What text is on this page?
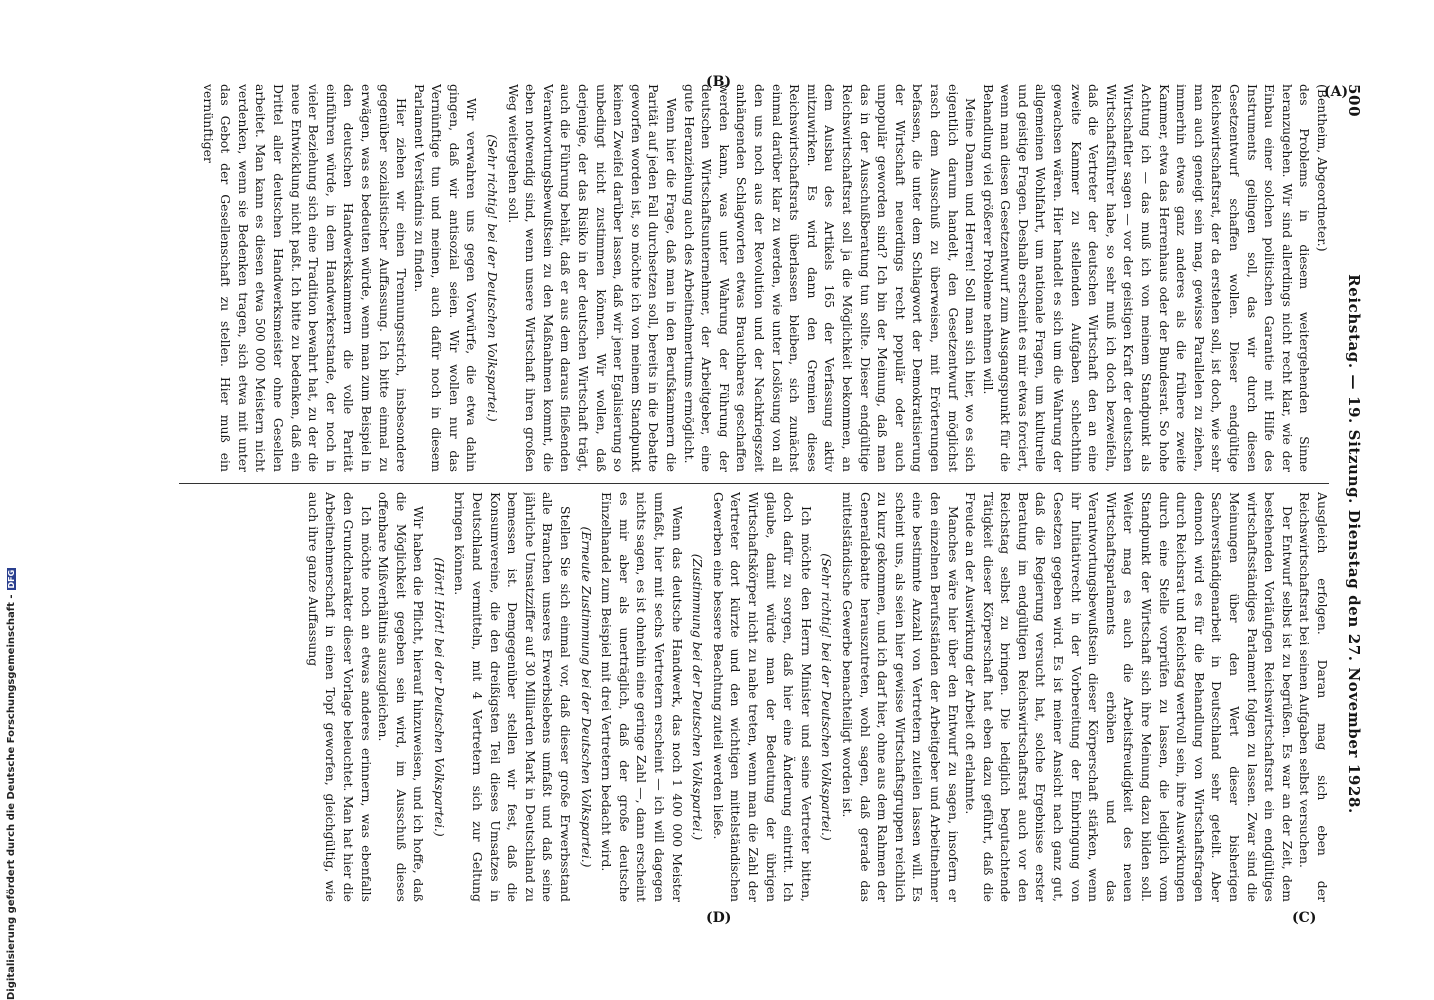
500
Reichstag. — 19. Sitzung. Dienstag den 27. November 1928.

(Bentheim, Abgeordneter.)

des Problems in diesem weitergehenden Sinne heranzugehen. Wir sind allerdings nicht recht klar, wie der Einbau einer solchen politischen Garantie mit Hilfe des Instruments gelingen soll, das wir durch diesen Gesetzentwurf schaffen wollen. Dieser endgültige Reichswirtschaftsrat, der da erstehen soll, ist doch, wie sehr man auch geneigt sein mag, gewisse Parallelen zu ziehen, immerhin etwas ganz anderes als die frühere zweite Kammer, etwa das Herrenhaus oder der Bundesrat. So hohe Achtung ich — das muß ich von meinem Standpunkt als Wirtschaftler sagen — vor der geistigen Kraft der deutschen Wirtschaftsführer habe, so sehr muß ich doch bezweifeln, daß die Vertreter der deutschen Wirtschaft den an eine zweite Kammer zu stellenden Aufgaben schlechthin gewachsen wären. Hier handelt es sich um die Wahrung der allgemeinen Wohlfahrt, um nationale Fragen, um kulturelle und geistige Fragen. Deshalb erscheint es mir etwas forciert, wenn man diesen Gesetzentwurf zum Ausgangspunkt für die Behandlung viel größerer Probleme nehmen will.

Meine Damen und Herren! Soll man sich hier, wo es sich eigentlich darum handelt, den Gesetzentwurf möglichst rasch dem Ausschuß zu überweisen, mit Erörterungen befassen, die unter dem Schlagwort der Demokratisierung der Wirtschaft neuerdings recht populär oder auch unpopulär geworden sind? Ich bin der Meinung, daß man das in der Ausschußberatung tun sollte. Dieser endgültige Reichswirtschaftsrat soll ja die Möglichkeit bekommen, an dem Ausbau des Artikels 165 der Verfassung aktiv mitzuwirken. Es wird dann den Gremien dieses Reichswirtschaftsrats überlassen bleiben, sich zunächst einmal darüber klar zu werden, wie unter Loslösung von all den uns noch aus der Revolution und der Nachkriegszeit anhängenden Schlagworten etwas Brauchbares geschaffen werden kann, was unter Wahrung der Führung der deutschen Wirtschaftsunternehmer, der Arbeitgeber, eine gute Heranziehung auch des Arbeitnehmertums ermöglicht.

Wenn hier die Frage, daß man in den Berufskammern die Parität auf jeden Fall durchsetzen soll, bereits in die Debatte geworfen worden ist, so möchte ich von meinem Standpunkt keinen Zweifel darüber lassen, daß wir jener Egalisierung so unbedingt nicht zustimmen können. Wir wollen, daß derjenige, der das Risiko in der deutschen Wirtschaft trägt, auch die Führung behält, daß er aus dem daraus fließenden Verantwortungsbewußtsein zu den Maßnahmen kommt, die eben notwendig sind, wenn unsere Wirtschaft ihren großen Weg weitergehen soll.

(Sehr richtig! bei der Deutschen Volkspartei.)

Wir verwahren uns gegen Vorwürfe, die etwa dahin gingen, daß wir antisozial seien. Wir wollen nur das Vernünftige tun und meinen, auch dafür noch in diesem Parlament Verständnis zu finden.

Hier ziehen wir einen Trennungsstrich, insbesondere gegenüber sozialistischer Auffassung. Ich bitte einmal zu erwägen, was es bedeuten würde, wenn man zum Beispiel in den deutschen Handwerkskammern die volle Parität einführen würde, in dem Handwerkerstande, der noch in vieler Beziehung sich eine Tradition bewahrt hat, zu der die neue Entwicklung nicht paßt. Ich bitte zu bedenken, daß ein Drittel aller deutschen Handwerksmeister ohne Gesellen arbeitet. Man kann es diesen etwa 500 000 Meistern nicht verdenken, wenn sie Bedenken tragen, sich etwa mit unter das Gebot der Gesellenschaft zu stellen. Hier muß ein vernünftiger

Ausgleich erfolgen. Daran mag sich eben der Reichswirtschaftsrat bei seinen Aufgaben selbst versuchen.

Der Entwurf selbst ist zu begrüßen. Es war an der Zeit, dem bestehenden Vorläufigen Reichswirtschaftsrat ein endgültiges wirtschaftsständiges Parlament folgen zu lassen. Zwar sind die Meinungen über den Wert dieser bisherigen Sachverständigenarbeit in Deutschland sehr geteilt. Aber dennoch wird es für die Behandlung von Wirtschaftsfragen durch Reichsrat und Reichstag wertvoll sein, ihre Auswirkungen durch eine Stelle vorprüfen zu lassen, die lediglich vom Standpunkt der Wirtschaft sich ihre Meinung dazu bilden soll. Weiter mag es auch die Arbeitsfreudigkeit des neuen Wirtschaftsparlaments erhöhen und das Verantwortungsbewußtsein dieser Körperschaft stärken, wenn ihr Initiativrecht in der Vorbereitung der Einbringung von Gesetzen gegeben wird. Es ist meiner Ansicht nach ganz gut, daß die Regierung versucht hat, solche Ergebnisse erster Beratung im endgültigen Reichswirtschaftsrat auch vor den Reichstag selbst zu bringen. Die lediglich begutachtende Tätigkeit dieser Körperschaft hat eben dazu geführt, daß die Freude an der Auswirkung der Arbeit oft erlahmte.

Manches wäre hier über den Entwurf zu sagen, insofern er den einzelnen Berufsständen der Arbeitgeber und Arbeitnehmer eine bestimmte Anzahl von Vertretern zuteilen lassen will. Es scheint uns, als seien hier gewisse Wirtschaftsgruppen reichlich zu kurz gekommen, und ich darf hier, ohne aus dem Rahmen der Generaldebatte herauszutreten, wohl sagen, daß gerade das mittelständische Gewerbe benachteiligt worden ist.

(Sehr richtig! bei der Deutschen Volkspartei.)

Ich möchte den Herrn Minister und seine Vertreter bitten, doch dafür zu sorgen, daß hier eine Änderung eintritt. Ich glaube, damit würde man der Bedeutung der übrigen Wirtschaftskörper nicht zu nahe treten, wenn man die Zahl der Vertreter dort kürzte und den wichtigen mittelständischen Gewerben eine bessere Beachtung zuteil werden ließe.

(Zustimmung bei der Deutschen Volkspartei.)

Wenn das deutsche Handwerk, das noch 1 400 000 Meister umfaßt, hier mit sechs Vertretern erscheint — ich will dagegen nichts sagen, es ist ohnehin eine geringe Zahl —, dann erscheint es mir aber als unerträglich, daß der große deutsche Einzelhandel zum Beispiel mit drei Vertretern bedacht wird.

(Erneute Zustimmung bei der Deutschen Volkspartei.)

Stellen Sie sich einmal vor, daß dieser große Erwerbsstand alle Branchen unseres Erwerbslebens umfaßt und daß seine jährliche Umsatzziffer auf 30 Milliarden Mark in Deutschland zu bemessen ist. Demgegenüber stellen wir fest, daß die Konsumvereine, die den dreißigsten Teil dieses Umsatzes in Deutschland vermitteln, mit 4 Vertretern sich zur Geltung bringen können.

(Hört! Hört! bei der Deutschen Volkspartei.)

Wir haben die Pflicht, hierauf hinzuweisen, und ich hoffe, daß die Möglichkeit gegeben sein wird, im Ausschuß dieses offenbare Mißverhältnis auszugleichen.

Ich möchte noch an etwas anderes erinnern, was ebenfalls den Grundcharakter dieser Vorlage beleuchtet. Man hat hier die Arbeitnehmerschaft in einen Topf geworfen, gleichgültig, wie auch ihre ganze Auffassung

(A)
(B)
(C)
(D)
Digitalisierung gefördert durch die Deutsche Forschungsgemeinschaft -DFG
